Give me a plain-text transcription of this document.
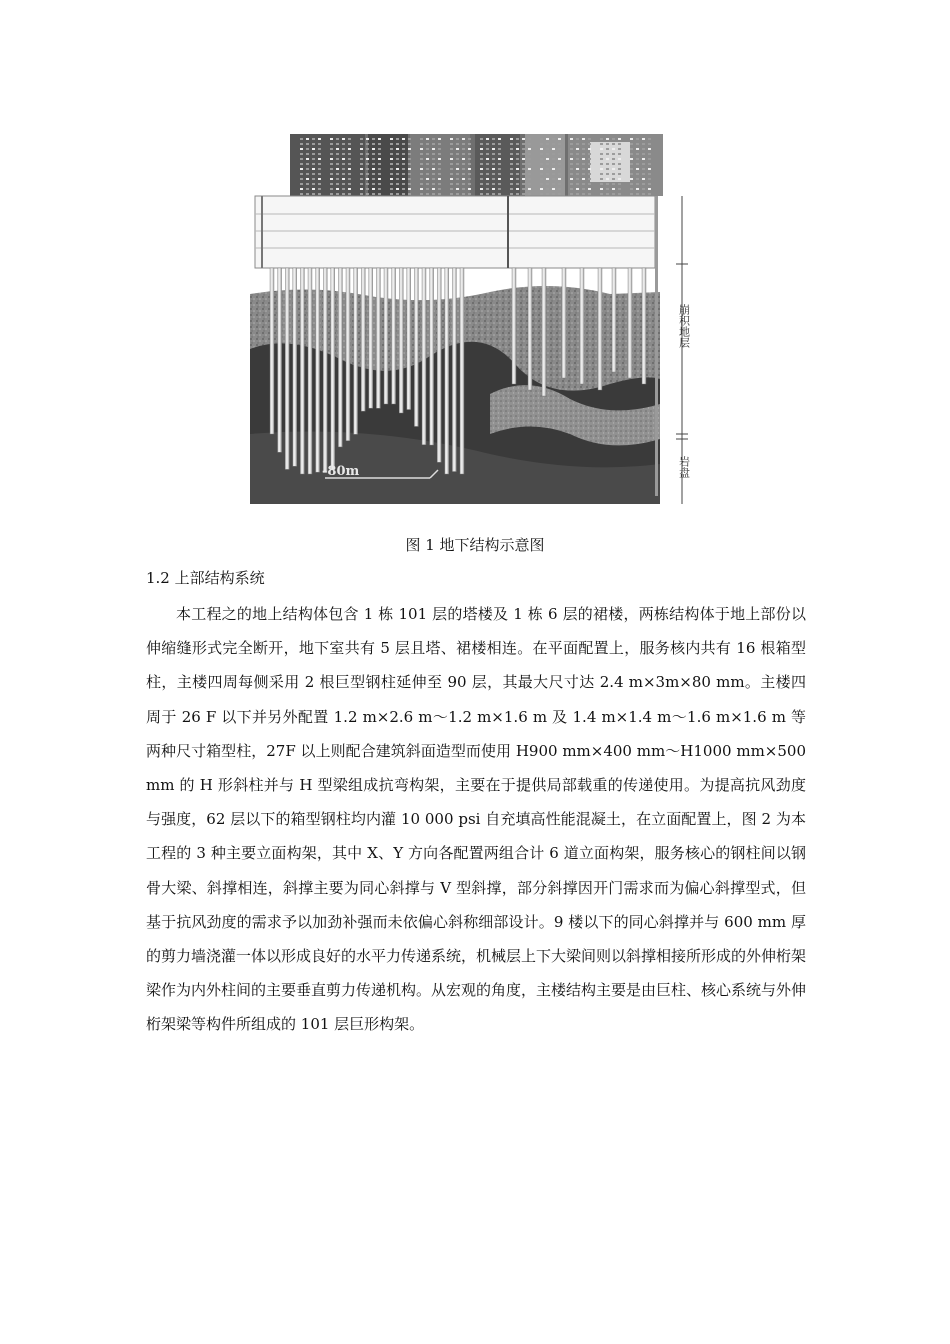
崩积地层
岩盘
-80m
图 1 地下结构示意图
1.2 上部结构系统

本工程之的地上结构体包含 1 栋 101 层的塔楼及 1 栋 6 层的裙楼，两栋结构体于地上部份以伸缩缝形式完全断开，地下室共有 5 层且塔、裙楼相连。在平面配置上，服务核内共有 16 根箱型柱，主楼四周每侧采用 2 根巨型钢柱延伸至 90 层，其最大尺寸达 2.4 m×3m×80 mm。主楼四周于 26 F 以下并另外配置 1.2 m×2.6 m～1.2 m×1.6 m 及 1.4 m×1.4 m～1.6 m×1.6 m 等两种尺寸箱型柱，27F 以上则配合建筑斜面造型而使用 H900 mm×400 mm～H1000 mm×500 mm 的 H 形斜柱并与 H 型梁组成抗弯构架，主要在于提供局部载重的传递使用。为提高抗风劲度与强度，62 层以下的箱型钢柱均内灌 10 000 psi 自充填高性能混凝土，在立面配置上，图 2 为本工程的 3 种主要立面构架，其中 X、Y 方向各配置两组合计 6 道立面构架，服务核心的钢柱间以钢骨大梁、斜撑相连，斜撑主要为同心斜撑与 V 型斜撑，部分斜撑因开门需求而为偏心斜撑型式，但基于抗风劲度的需求予以加劲补强而未依偏心斜称细部设计。9 楼以下的同心斜撑并与 600 mm 厚的剪力墙浇灌一体以形成良好的水平力传递系统，机械层上下大梁间则以斜撑相接所形成的外伸桁架梁作为内外柱间的主要垂直剪力传递机构。从宏观的角度，主楼结构主要是由巨柱、核心系统与外伸桁架梁等构件所组成的 101 层巨形构架。
